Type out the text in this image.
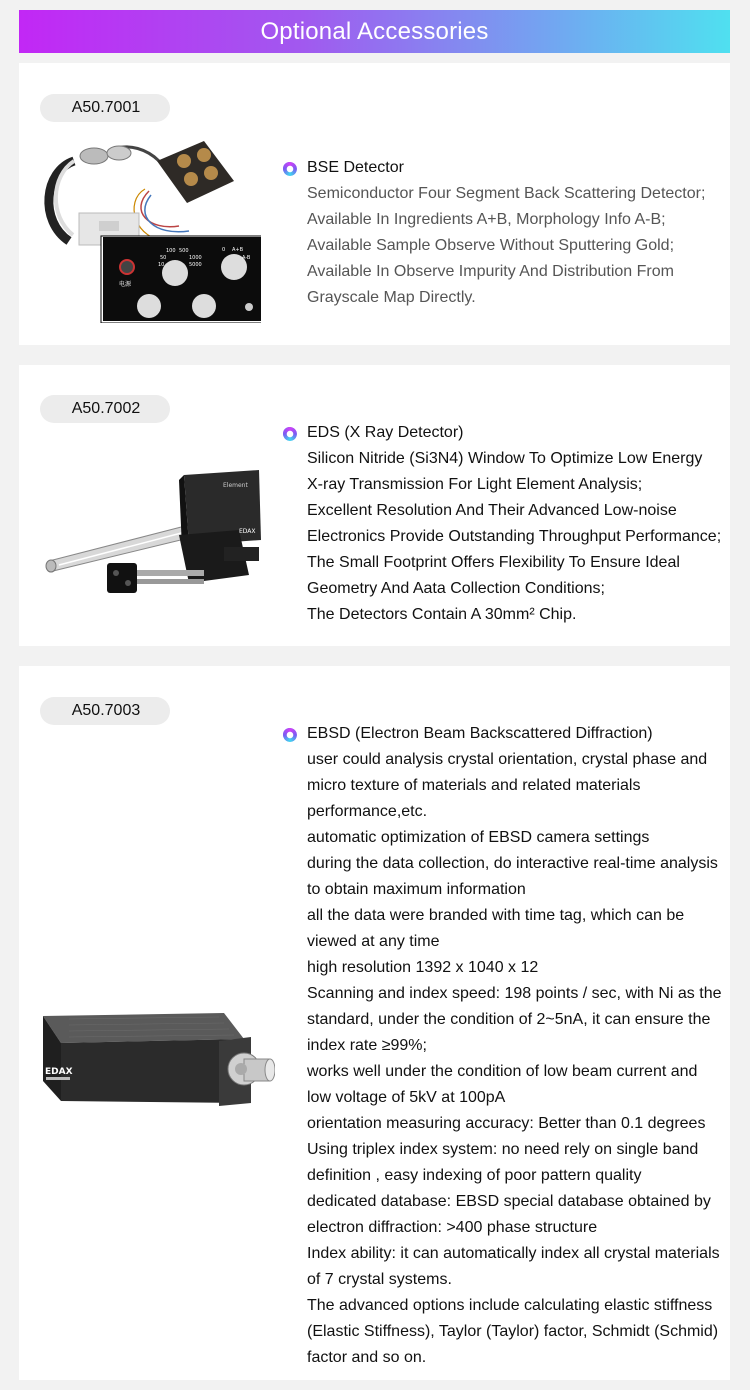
Optional Accessories
A50.7001
100 500
50	1000
10	5000
0 A+B
A-B
电源
BSE Detector
Semiconductor Four Segment Back Scattering Detector;
Available In Ingredients A+B, Morphology Info A-B;
Available Sample Observe Without Sputtering Gold;
Available In Observe Impurity And Distribution From
Grayscale Map Directly.
A50.7002
Element
EDAX
EDS (X Ray Detector)
Silicon Nitride (Si3N4) Window To Optimize Low Energy
X-ray Transmission For Light Element Analysis;
Excellent Resolution And Their Advanced Low-noise
Electronics Provide Outstanding Throughput Performance;
The Small Footprint Offers Flexibility To Ensure Ideal
Geometry And Aata Collection Conditions;
The Detectors Contain A 30mm² Chip.
A50.7003
EDAX
EBSD (Electron Beam Backscattered Diffraction)
user could analysis crystal orientation, crystal phase and
micro texture of materials and related materials
performance,etc.
automatic optimization of EBSD camera settings
during the data collection, do interactive real-time analysis
to obtain maximum information
all the data were branded with time tag, which can be
viewed at any time
high resolution 1392 x 1040 x 12
Scanning and index speed: 198 points / sec, with Ni as the
standard, under the condition of 2~5nA, it can ensure the
index rate ≥99%;
works well under the condition of low beam current and
low voltage of 5kV at 100pA
orientation measuring accuracy: Better than 0.1 degrees
Using triplex index system: no need rely on single band
definition , easy indexing of poor pattern quality
dedicated database: EBSD special database obtained by
electron diffraction: >400 phase structure
Index ability: it can automatically index all crystal materials
of 7 crystal systems.
The advanced options include calculating elastic stiffness
(Elastic Stiffness), Taylor (Taylor) factor, Schmidt (Schmid)
factor and so on.
